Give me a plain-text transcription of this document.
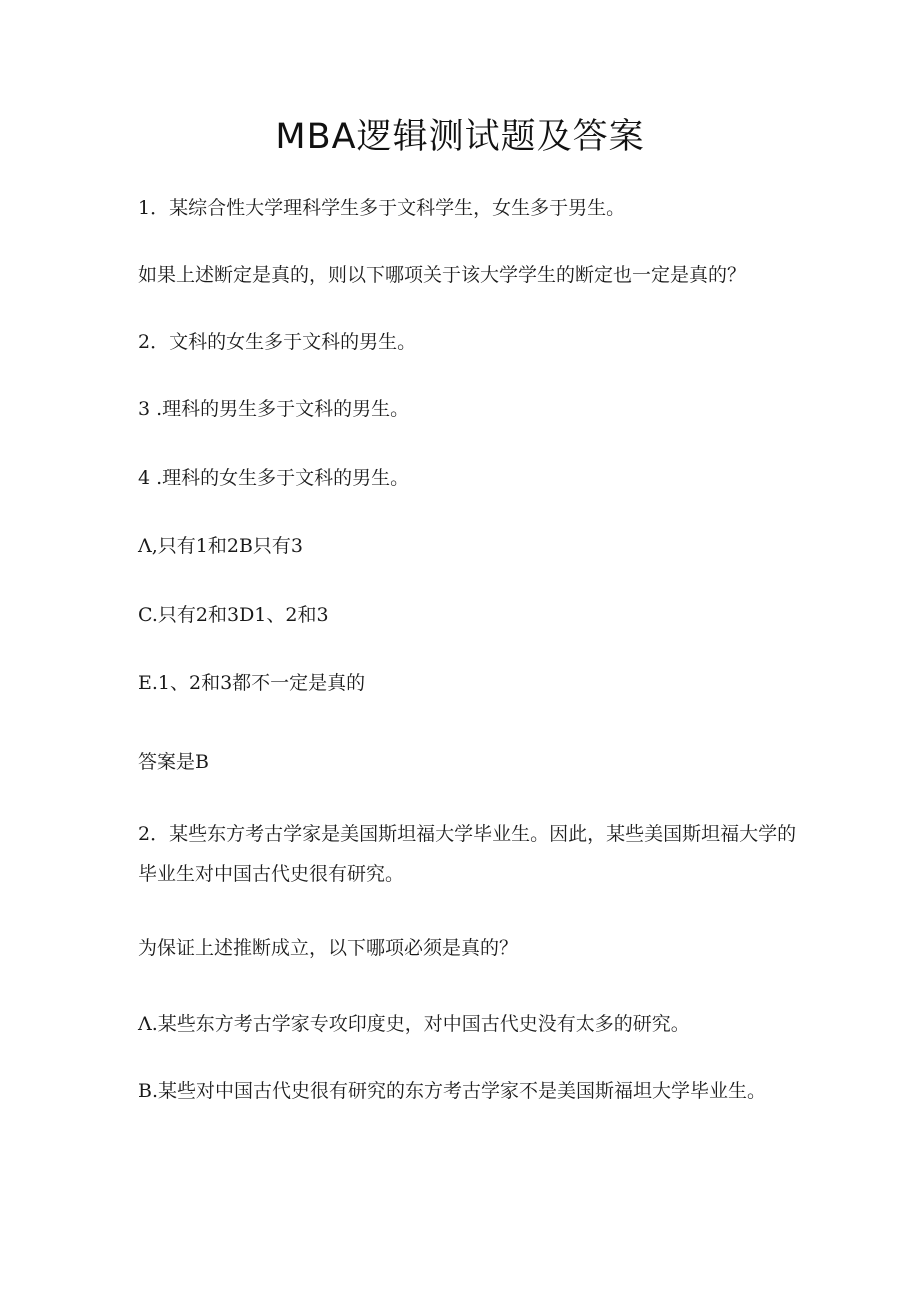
MBA逻辑测试题及答案
1．某综合性大学理科学生多于文科学生，女生多于男生。
如果上述断定是真的，则以下哪项关于该大学学生的断定也一定是真的？
2．文科的女生多于文科的男生。
3 .理科的男生多于文科的男生。
4 .理科的女生多于文科的男生。
Λ,只有1和2B只有3
C.只有2和3D1、2和3
E.1、2和3都不一定是真的
答案是B
2．某些东方考古学家是美国斯坦福大学毕业生。因此，某些美国斯坦福大学的毕业生对中国古代史很有研究。
为保证上述推断成立，以下哪项必须是真的？
Λ.某些东方考古学家专攻印度史，对中国古代史没有太多的研究。
B.某些对中国古代史很有研究的东方考古学家不是美国斯福坦大学毕业生。
